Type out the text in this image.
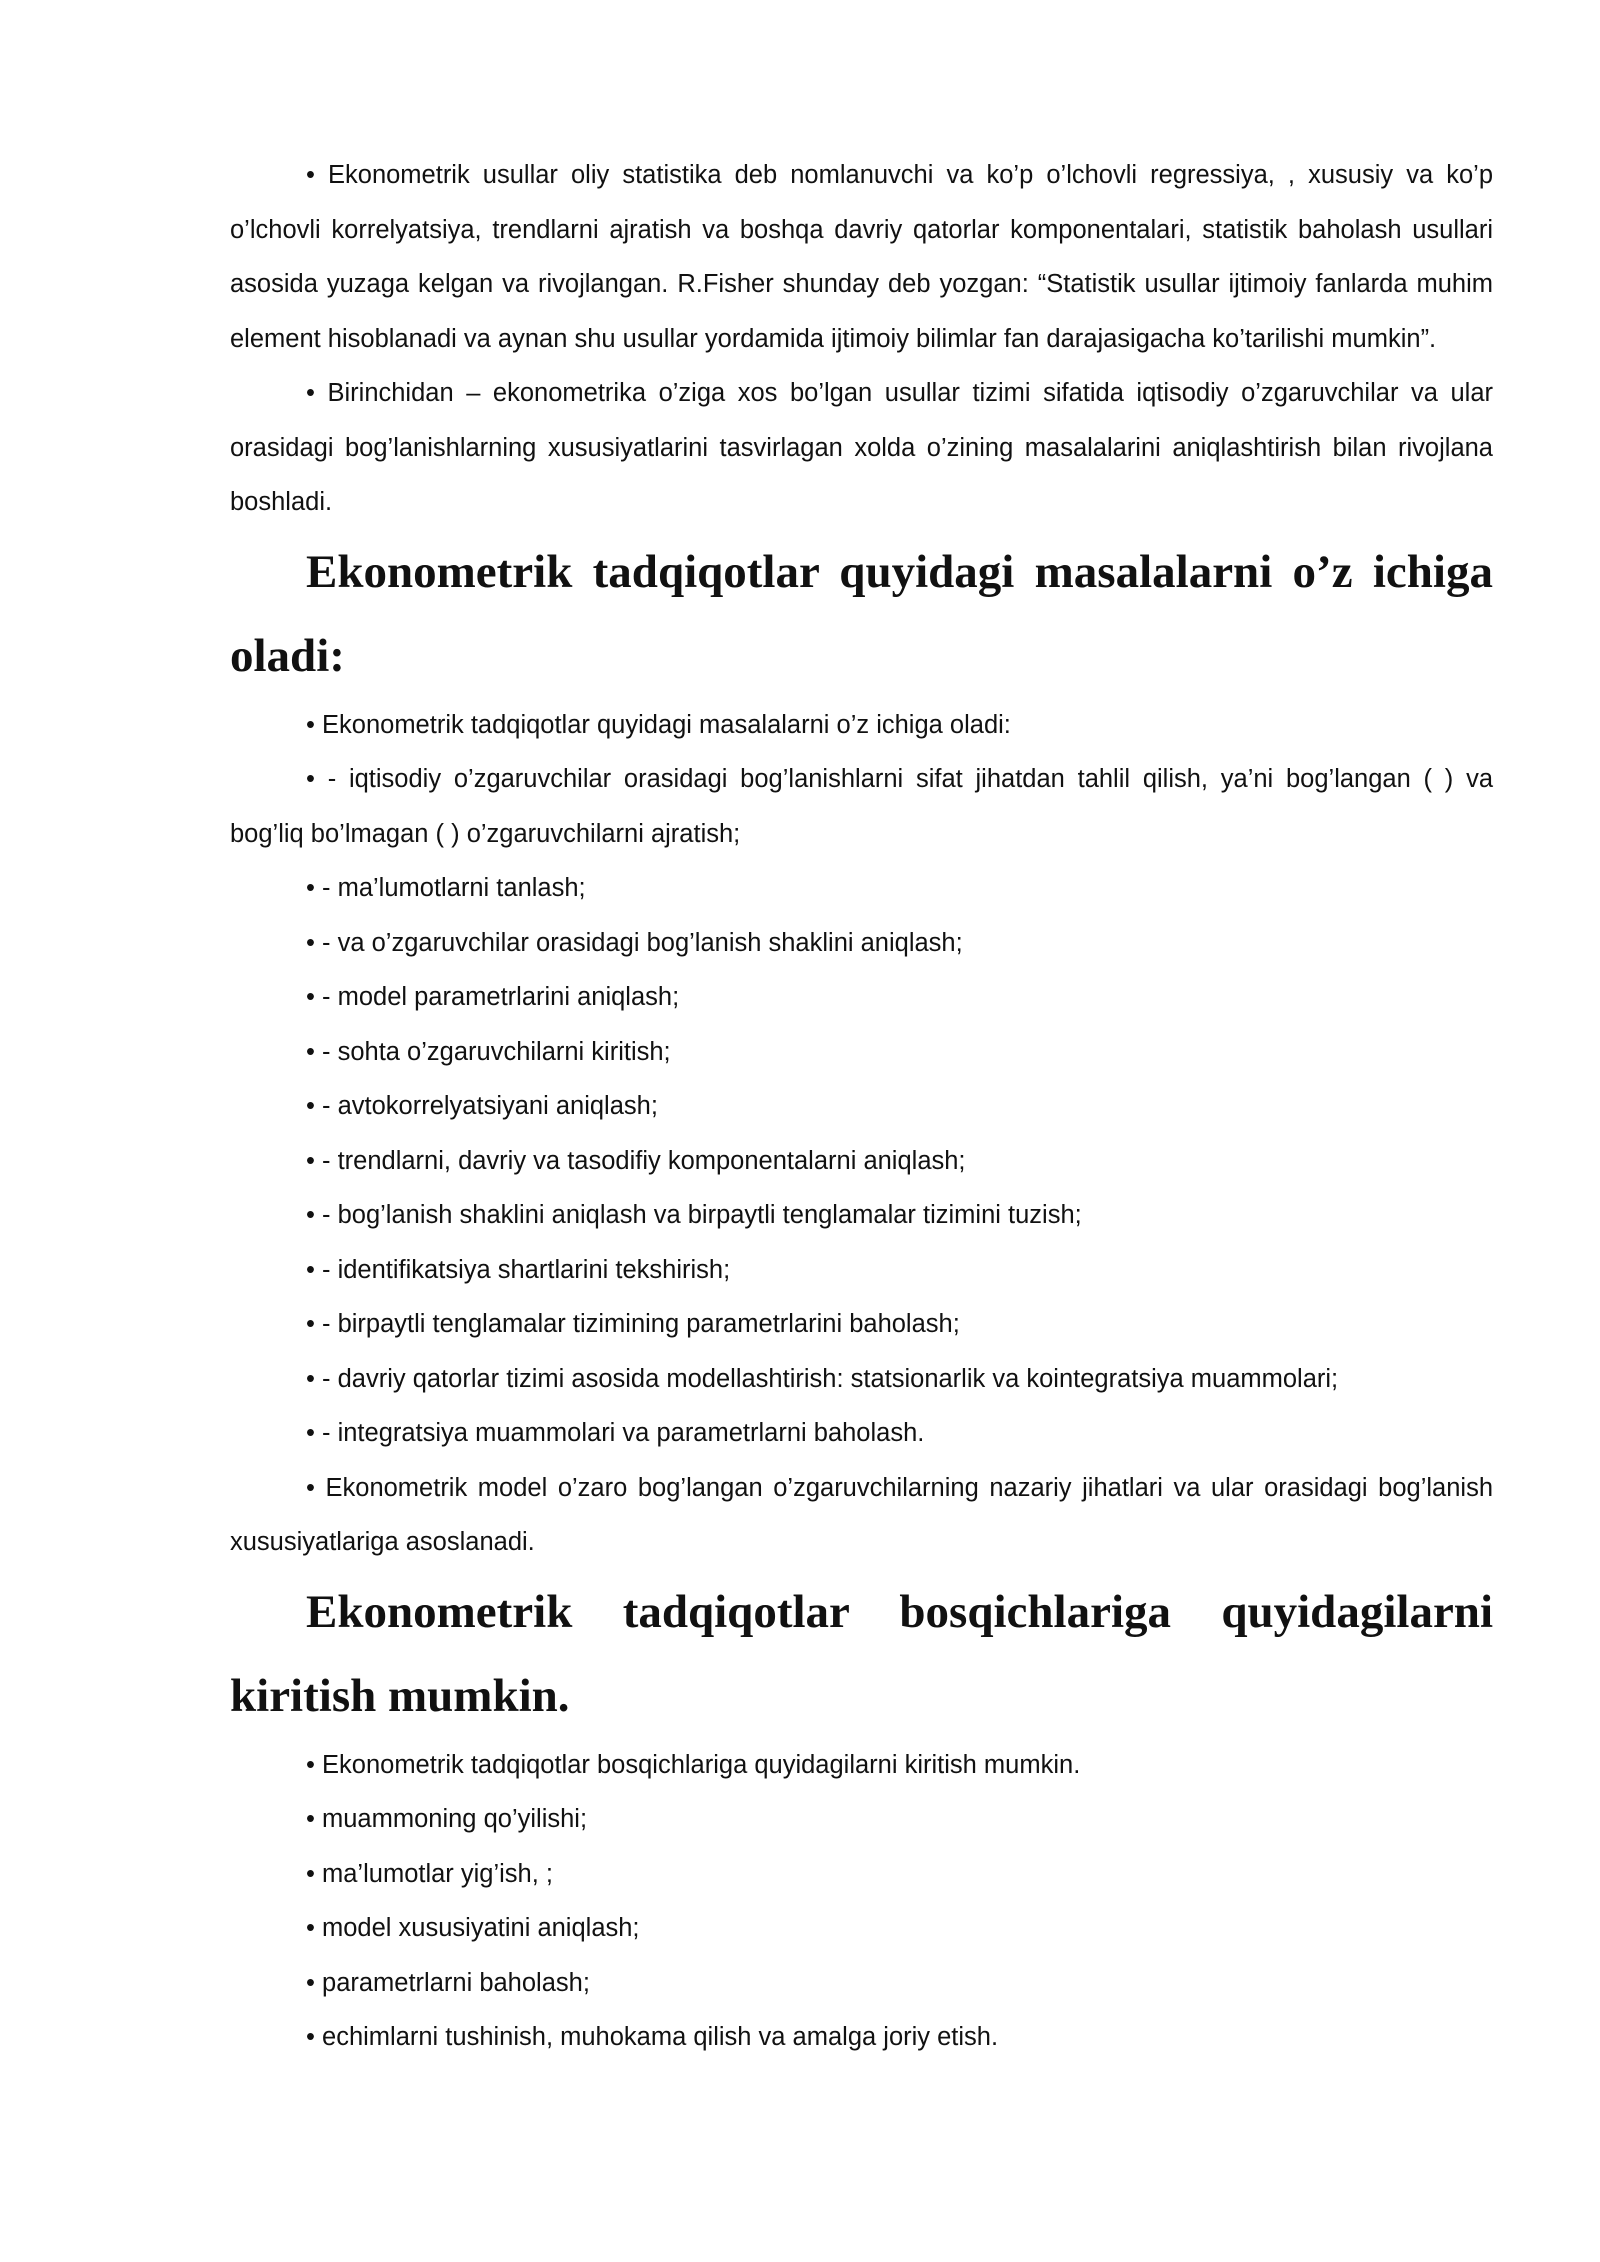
• Ekonometrik usullar oliy statistika deb nomlanuvchi va ko’p o’lchovli regressiya, , xususiy va ko’p o’lchovli korrelyatsiya, trendlarni ajratish va boshqa davriy qatorlar komponentalari, statistik baholash usullari asosida yuzaga kelgan va rivojlangan. R.Fisher shunday deb yozgan: “Statistik usullar ijtimoiy fanlarda muhim element hisoblanadi va aynan shu usullar yordamida ijtimoiy bilimlar fan darajasigacha ko’tarilishi mumkin”.

• Birinchidan – ekonometrika o’ziga xos bo’lgan usullar tizimi sifatida iqtisodiy o’zgaruvchilar va ular orasidagi bog’lanishlarning xususiyatlarini tasvirlagan xolda o’zining masalalarini aniqlashtirish bilan rivojlana boshladi.

Ekonometrik tadqiqotlar quyidagi masalalarni o’z ichiga oladi:

• Ekonometrik tadqiqotlar quyidagi masalalarni o’z ichiga oladi:

• - iqtisodiy o’zgaruvchilar orasidagi bog’lanishlarni sifat jihatdan tahlil qilish, ya’ni bog’langan ( ) va bog’liq bo’lmagan ( ) o’zgaruvchilarni ajratish;

• - ma’lumotlarni tanlash;

• - va o’zgaruvchilar orasidagi bog’lanish shaklini aniqlash;

• - model parametrlarini aniqlash;

• - sohta o’zgaruvchilarni kiritish;

• - avtokorrelyatsiyani aniqlash;

• - trendlarni, davriy va tasodifiy komponentalarni aniqlash;

• - bog’lanish shaklini aniqlash va birpaytli tenglamalar tizimini tuzish;

• - identifikatsiya shartlarini tekshirish;

• - birpaytli tenglamalar tizimining parametrlarini baholash;

• - davriy qatorlar tizimi asosida modellashtirish: statsionarlik va kointegratsiya muammolari;

• - integratsiya muammolari va parametrlarni baholash.

• Ekonometrik model o’zaro bog’langan o’zgaruvchilarning nazariy jihatlari va ular orasidagi bog’lanish xususiyatlariga asoslanadi.

Ekonometrik tadqiqotlar bosqichlariga quyidagilarni kiritish mumkin.

• Ekonometrik tadqiqotlar bosqichlariga quyidagilarni kiritish mumkin.

• muammoning qo’yilishi;

• ma’lumotlar yig’ish, ;

• model xususiyatini aniqlash;

• parametrlarni baholash;

• echimlarni tushinish, muhokama qilish va amalga joriy etish.
